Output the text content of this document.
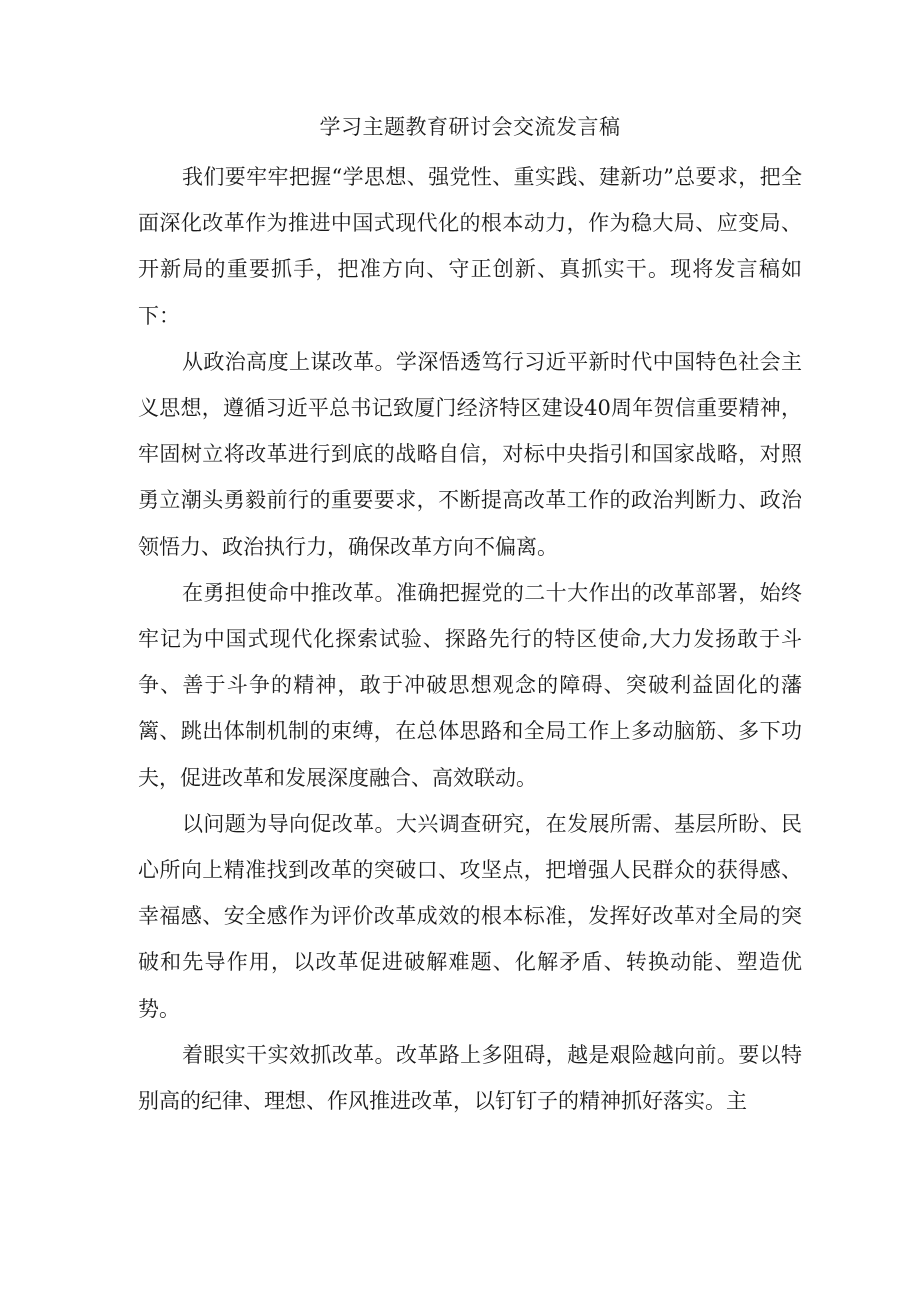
学习主题教育研讨会交流发言稿

我们要牢牢把握“学思想、强党性、重实践、建新功”总要求，把全面深化改革作为推进中国式现代化的根本动力，作为稳大局、应变局、开新局的重要抓手，把准方向、守正创新、真抓实干。现将发言稿如下：

从政治高度上谋改革。学深悟透笃行习近平新时代中国特色社会主义思想，遵循习近平总书记致厦门经济特区建设40周年贺信重要精神，牢固树立将改革进行到底的战略自信，对标中央指引和国家战略，对照勇立潮头勇毅前行的重要要求，不断提高改革工作的政治判断力、政治领悟力、政治执行力，确保改革方向不偏离。

在勇担使命中推改革。准确把握党的二十大作出的改革部署，始终牢记为中国式现代化探索试验、探路先行的特区使命,大力发扬敢于斗争、善于斗争的精神，敢于冲破思想观念的障碍、突破利益固化的藩篱、跳出体制机制的束缚，在总体思路和全局工作上多动脑筋、多下功夫，促进改革和发展深度融合、高效联动。

以问题为导向促改革。大兴调查研究，在发展所需、基层所盼、民心所向上精准找到改革的突破口、攻坚点，把增强人民群众的获得感、幸福感、安全感作为评价改革成效的根本标准，发挥好改革对全局的突破和先导作用，以改革促进破解难题、化解矛盾、转换动能、塑造优势。

着眼实干实效抓改革。改革路上多阻碍，越是艰险越向前。要以特别高的纪律、理想、作风推进改革，以钉钉子的精神抓好落实。主
